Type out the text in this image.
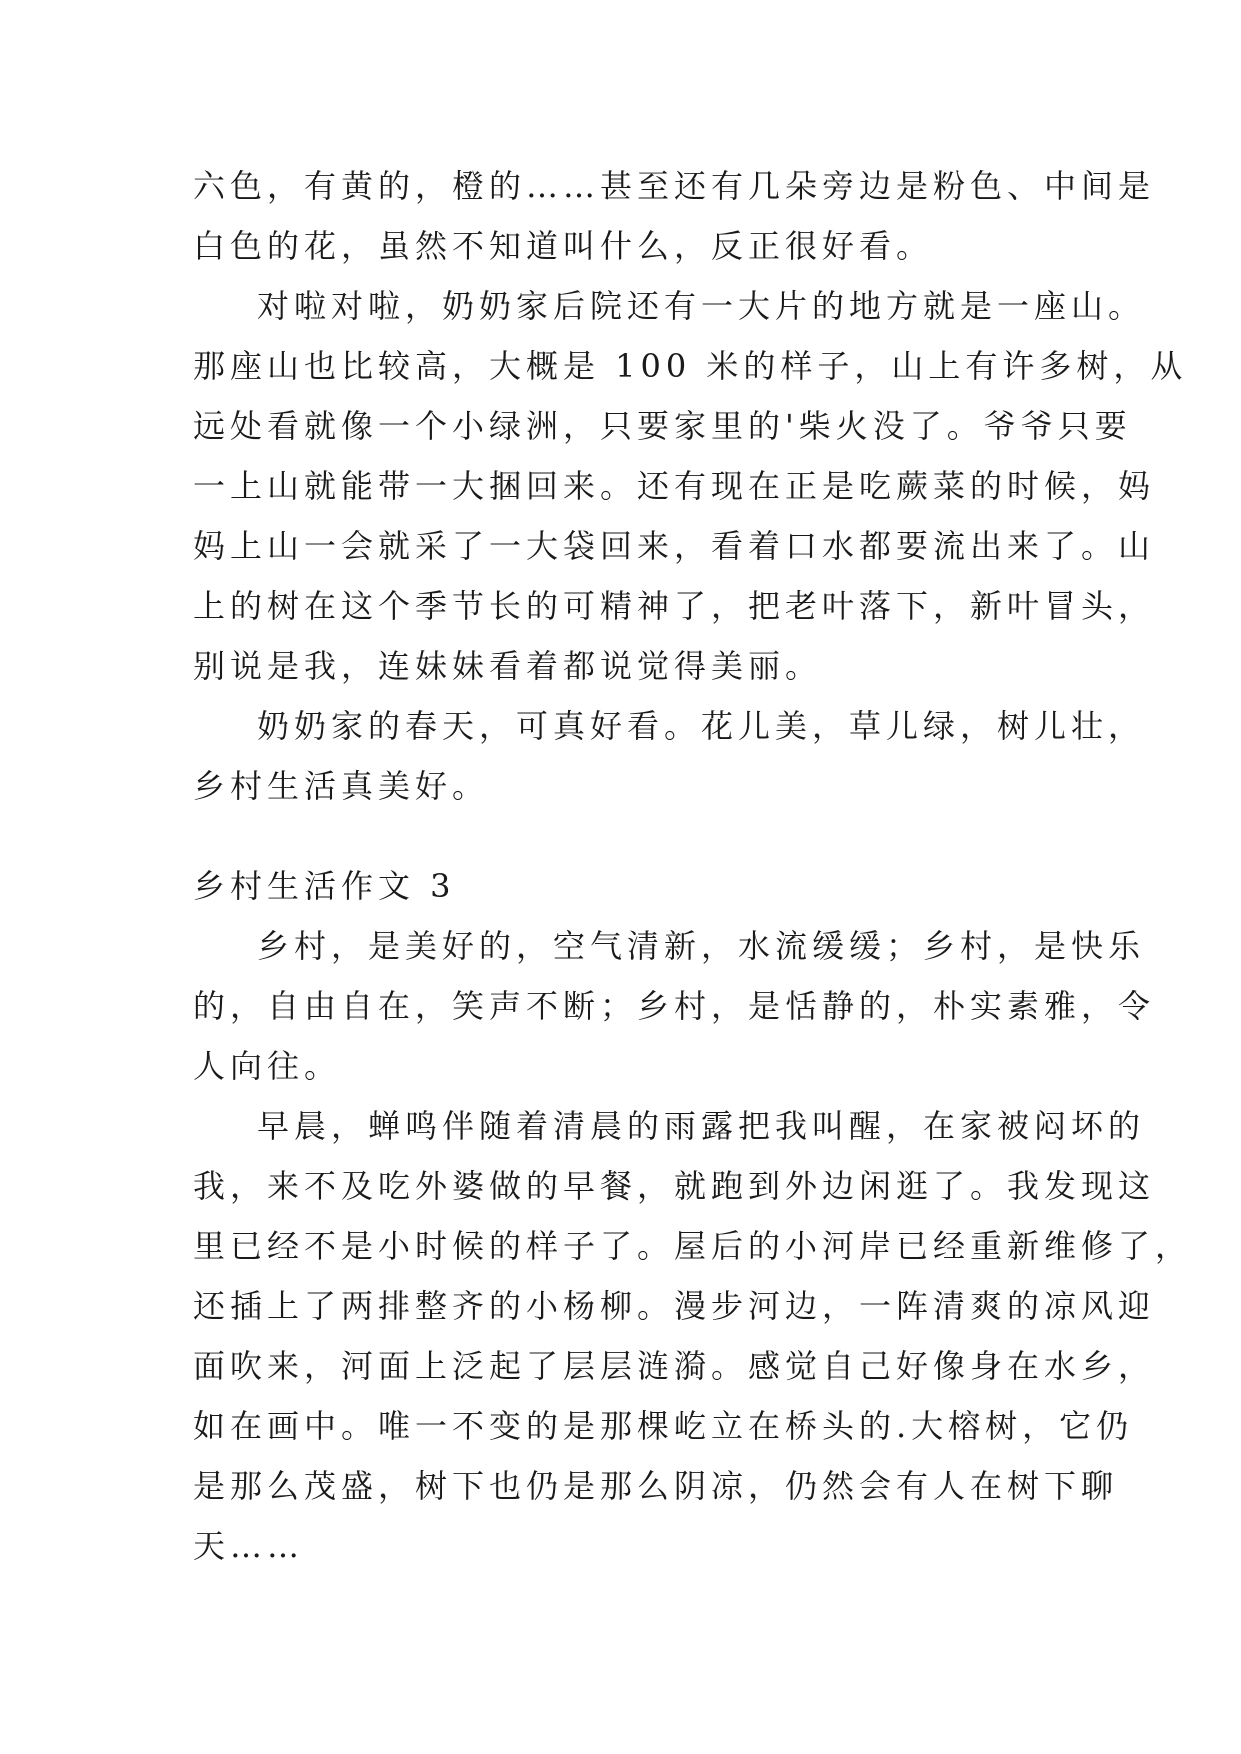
六色，有黄的，橙的……甚至还有几朵旁边是粉色、中间是
白色的花，虽然不知道叫什么，反正很好看。
对啦对啦，奶奶家后院还有一大片的地方就是一座山。
那座山也比较高，大概是 100 米的样子，山上有许多树，从
远处看就像一个小绿洲，只要家里的'柴火没了。爷爷只要
一上山就能带一大捆回来。还有现在正是吃蕨菜的时候，妈
妈上山一会就采了一大袋回来，看着口水都要流出来了。山
上的树在这个季节长的可精神了，把老叶落下，新叶冒头，
别说是我，连妹妹看着都说觉得美丽。
奶奶家的春天，可真好看。花儿美，草儿绿，树儿壮，
乡村生活真美好。
乡村生活作文 3
乡村，是美好的，空气清新，水流缓缓；乡村，是快乐
的，自由自在，笑声不断；乡村，是恬静的，朴实素雅，令
人向往。
早晨，蝉鸣伴随着清晨的雨露把我叫醒，在家被闷坏的
我，来不及吃外婆做的早餐，就跑到外边闲逛了。我发现这
里已经不是小时候的样子了。屋后的小河岸已经重新维修了，
还插上了两排整齐的小杨柳。漫步河边，一阵清爽的凉风迎
面吹来，河面上泛起了层层涟漪。感觉自己好像身在水乡，
如在画中。唯一不变的是那棵屹立在桥头的.大榕树，它仍
是那么茂盛，树下也仍是那么阴凉，仍然会有人在树下聊
天……
